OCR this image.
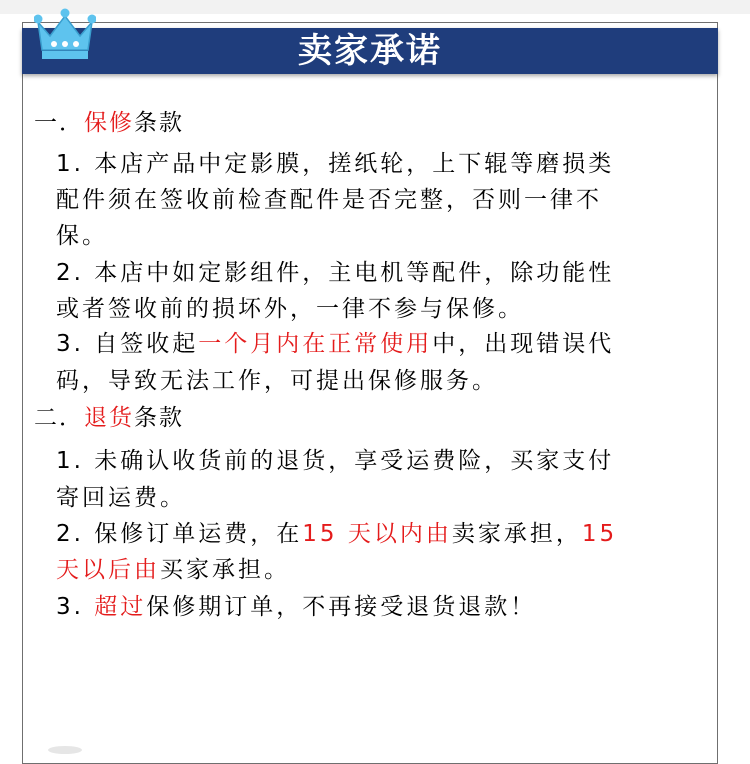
卖家承诺
一．保修条款
1. 本店产品中定影膜，搓纸轮，上下辊等磨损类
配件须在签收前检查配件是否完整，否则一律不
保。
2. 本店中如定影组件，主电机等配件，除功能性
或者签收前的损坏外，一律不参与保修。
3. 自签收起一个月内在正常使用中，出现错误代
码，导致无法工作，可提出保修服务。
二．退货条款
1. 未确认收货前的退货，享受运费险，买家支付
寄回运费。
2. 保修订单运费，在15 天以内由卖家承担，15
天以后由买家承担。
3. 超过保修期订单，不再接受退货退款！
